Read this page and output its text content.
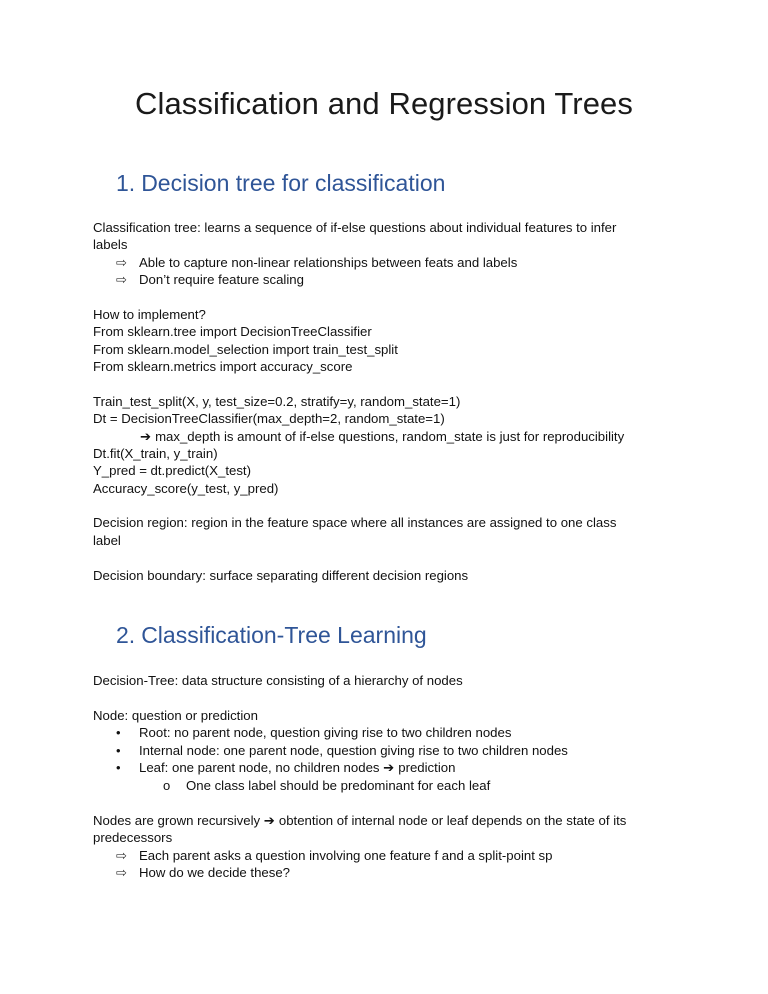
Classification and Regression Trees
1. Decision tree for classification
Classification tree: learns a sequence of if-else questions about individual features to infer
labels
⇨ Able to capture non-linear relationships between feats and labels
⇨ Don’t require feature scaling
How to implement?
From sklearn.tree import DecisionTreeClassifier
From sklearn.model_selection import train_test_split
From sklearn.metrics import accuracy_score
Train_test_split(X, y, test_size=0.2, stratify=y, random_state=1)
Dt = DecisionTreeClassifier(max_depth=2, random_state=1)
➔ max_depth is amount of if-else questions, random_state is just for reproducibility
Dt.fit(X_train, y_train)
Y_pred = dt.predict(X_test)
Accuracy_score(y_test, y_pred)
Decision region: region in the feature space where all instances are assigned to one class
label
Decision boundary: surface separating different decision regions
2. Classification-Tree Learning
Decision-Tree: data structure consisting of a hierarchy of nodes
Node: question or prediction
• Root: no parent node, question giving rise to two children nodes
• Internal node: one parent node, question giving rise to two children nodes
• Leaf: one parent node, no children nodes ➔ prediction
o One class label should be predominant for each leaf
Nodes are grown recursively ➔ obtention of internal node or leaf depends on the state of its
predecessors
⇨ Each parent asks a question involving one feature f and a split-point sp
⇨ How do we decide these?
